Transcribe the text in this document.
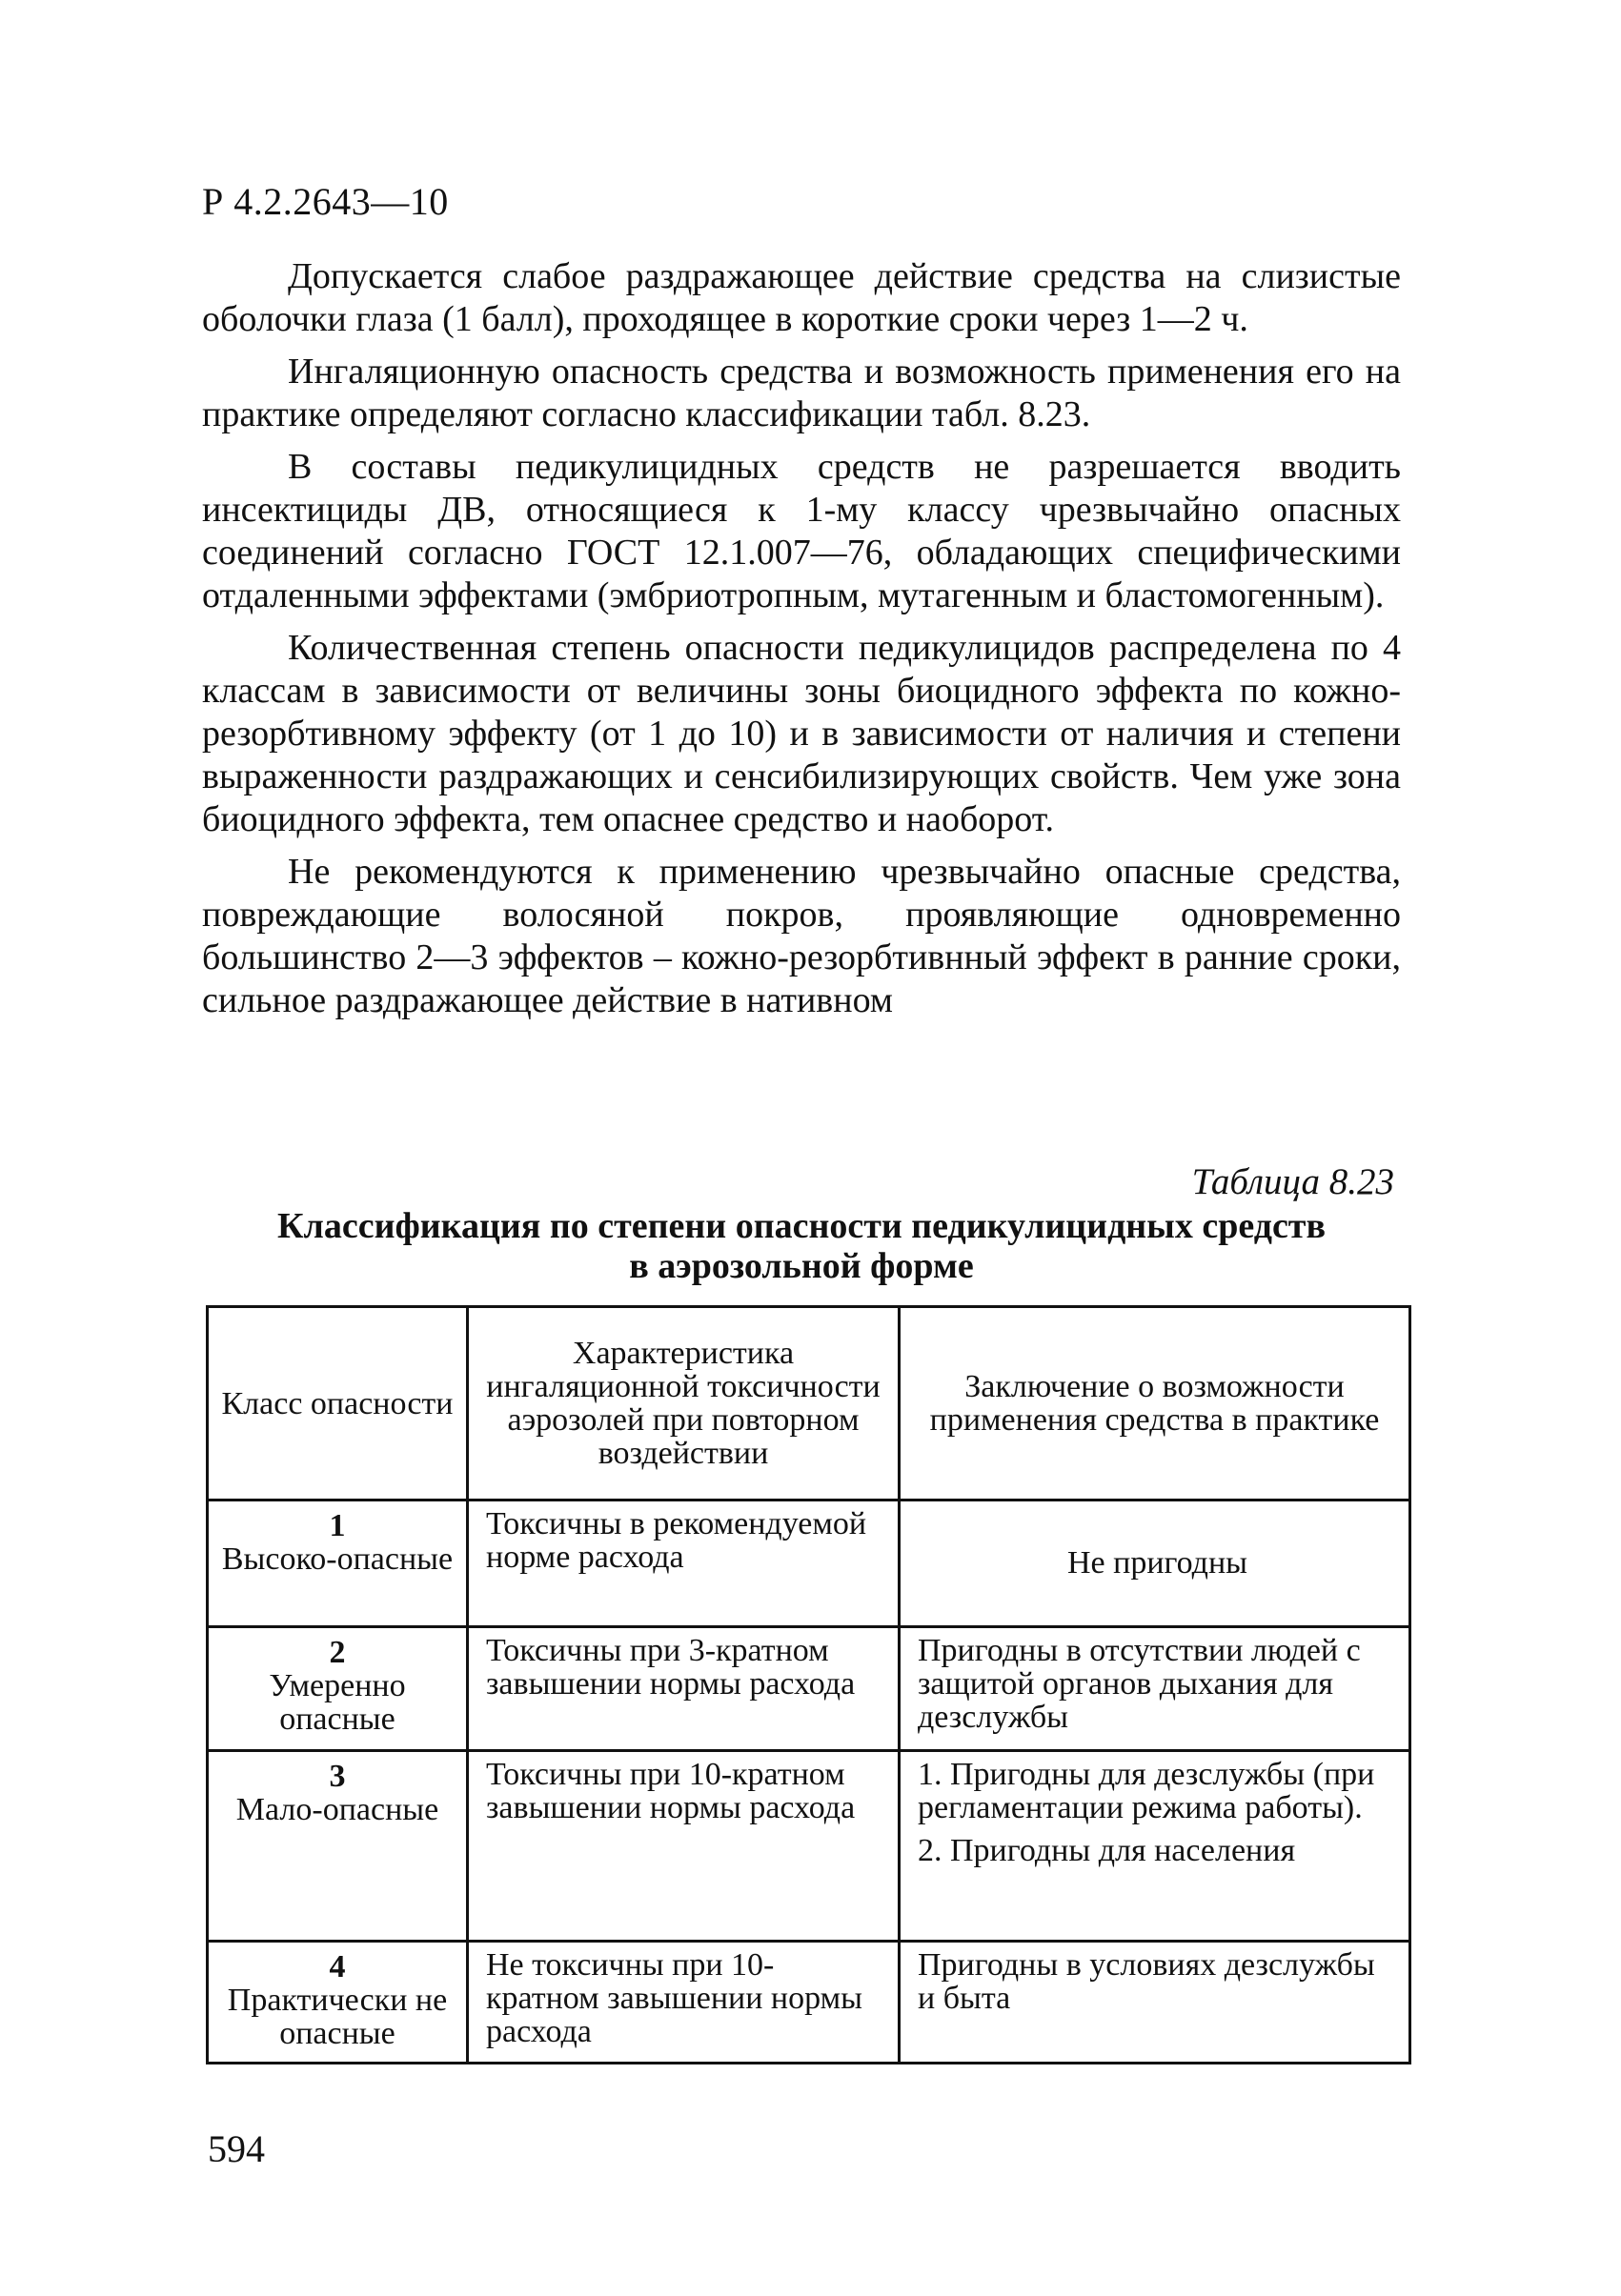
Р 4.2.2643—10

Допускается слабое раздражающее действие средства на слизистые оболочки глаза (1 балл), проходящее в короткие сроки через 1—2 ч.

Ингаляционную опасность средства и возможность применения его на практике определяют согласно классификации табл. 8.23.

В составы педикулицидных средств не разрешается вводить инсектициды ДВ, относящиеся к 1-му классу чрезвычайно опасных соединений согласно ГОСТ 12.1.007—76, обладающих специфическими отдаленными эффектами (эмбриотропным, мутагенным и бластомогенным).

Количественная степень опасности педикулицидов распределена по 4 классам в зависимости от величины зоны биоцидного эффекта по кожно-резорбтивному эффекту (от 1 до 10) и в зависимости от наличия и степени выраженности раздражающих и сенсибилизирующих свойств. Чем уже зона биоцидного эффекта, тем опаснее средство и наоборот.

Не рекомендуются к применению чрезвычайно опасные средства, повреждающие волосяной покров, проявляющие одновременно большинство 2—3 эффектов – кожно-резорбтивнный эффект в ранние сроки, сильное раздражающее действие в нативном

Таблица 8.23
Классификация по степени опасности педикулицидных средств
в аэрозольной форме
Класс опасности	Характеристика ингаляционной токсичности аэрозолей при повторном воздействии	Заключение о возможности применения средства в практике

1
Высоко-опасные	Токсичны в рекомендуемой норме расхода	Не пригодны

2
Умеренно опасные	Токсичны при 3-кратном завышении нормы расхода	Пригодны в отсутствии людей с защитой органов дыхания для дезслужбы

3
Мало-опасные	Токсичны при 10-кратном завышении нормы расхода	1. Пригодны для дезслужбы (при регламентации режима работы).
2. Пригодны для населения

4
Практически не опасные	Не токсичны при 10-кратном завышении нормы расхода	Пригодны в условиях дезслужбы и быта
594
